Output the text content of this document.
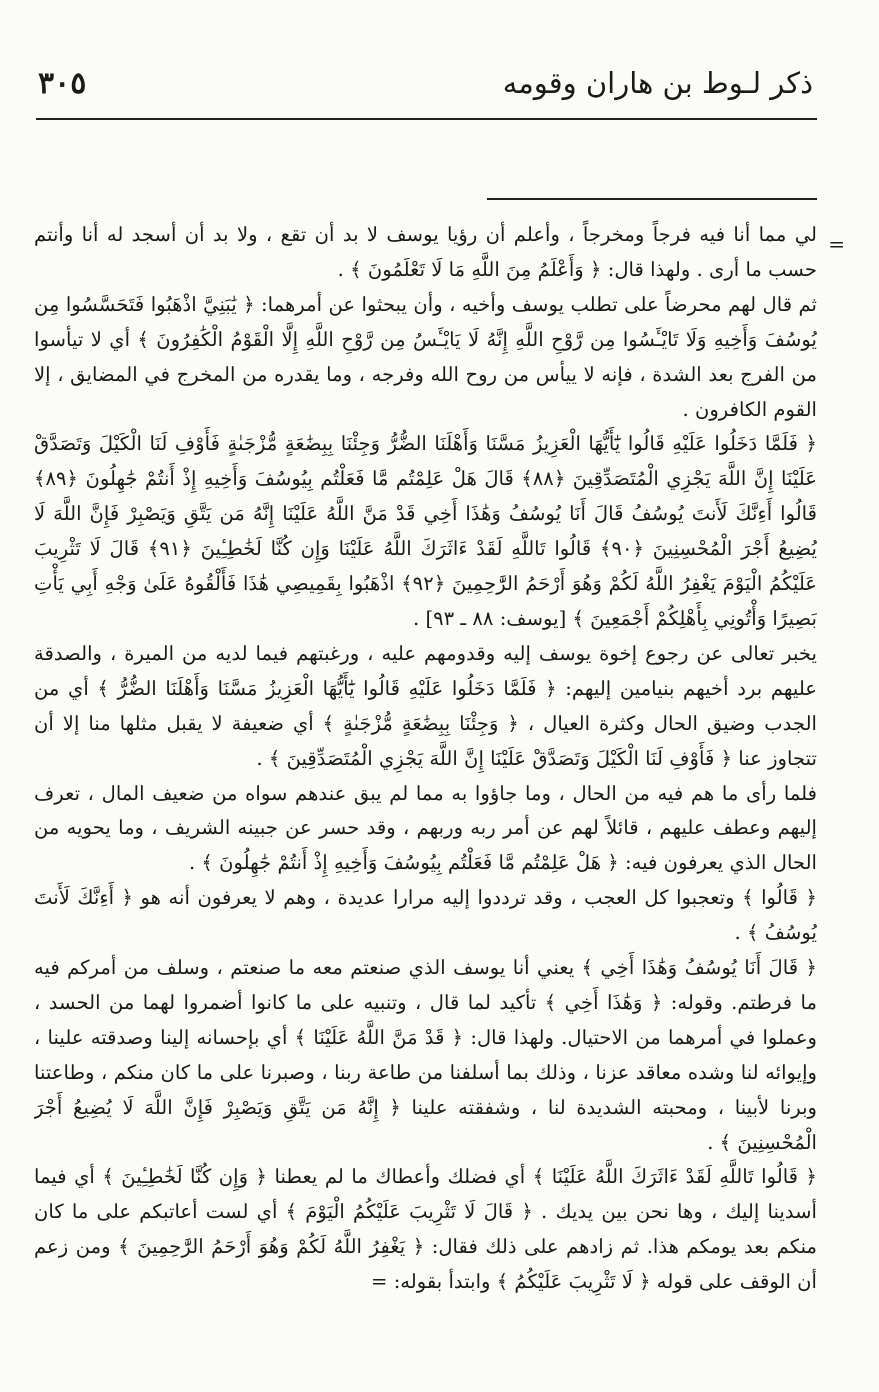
٣٠٥	ذكر لـوط بن هاران وقومه
=

لي مما أنا فيه فرجاً ومخرجاً ، وأعلم أن رؤيا يوسف لا بد أن تقع ، ولا بد أن أسجد له أنا وأنتم حسب ما أرى . ولهذا قال: ﴿ وَأَعْلَمُ مِنَ اللَّهِ مَا لَا تَعْلَمُونَ ﴾ .

ثم قال لهم محرضاً على تطلب يوسف وأخيه ، وأن يبحثوا عن أمرهما: ﴿ يَٰبَنِيَّ اذْهَبُوا فَتَحَسَّسُوا مِن يُوسُفَ وَأَخِيهِ وَلَا تَايْـَٔسُوا مِن رَّوْحِ اللَّهِ إِنَّهُ لَا يَايْـَٔسُ مِن رَّوْحِ اللَّهِ إِلَّا الْقَوْمُ الْكَٰفِرُونَ ﴾ أي لا تيأسوا من الفرج بعد الشدة ، فإنه لا ييأس من روح الله وفرجه ، وما يقدره من المخرج في المضايق ، إلا القوم الكافرون .

﴿ فَلَمَّا دَخَلُوا عَلَيْهِ قَالُوا يَٰٓأَيُّهَا الْعَزِيزُ مَسَّنَا وَأَهْلَنَا الضُّرُّ وَجِئْنَا بِبِضَٰعَةٍ مُّزْجَىٰةٍ فَأَوْفِ لَنَا الْكَيْلَ وَتَصَدَّقْ عَلَيْنَا إِنَّ اللَّهَ يَجْزِي الْمُتَصَدِّقِينَ ﴿٨٨﴾ قَالَ هَلْ عَلِمْتُم مَّا فَعَلْتُم بِيُوسُفَ وَأَخِيهِ إِذْ أَنتُمْ جَٰهِلُونَ ﴿٨٩﴾ قَالُوا أَءِنَّكَ لَأَنتَ يُوسُفُ قَالَ أَنَا يُوسُفُ وَهَٰذَا أَخِي قَدْ مَنَّ اللَّهُ عَلَيْنَا إِنَّهُ مَن يَتَّقِ وَيَصْبِرْ فَإِنَّ اللَّهَ لَا يُضِيعُ أَجْرَ الْمُحْسِنِينَ ﴿٩٠﴾ قَالُوا تَاللَّهِ لَقَدْ ءَاثَرَكَ اللَّهُ عَلَيْنَا وَإِن كُنَّا لَخَٰطِـِٔينَ ﴿٩١﴾ قَالَ لَا تَثْرِيبَ عَلَيْكُمُ الْيَوْمَ يَغْفِرُ اللَّهُ لَكُمْ وَهُوَ أَرْحَمُ الرَّٰحِمِينَ ﴿٩٢﴾ اذْهَبُوا بِقَمِيصِي هَٰذَا فَأَلْقُوهُ عَلَىٰ وَجْهِ أَبِي يَأْتِ بَصِيرًا وَأْتُونِي بِأَهْلِكُمْ أَجْمَعِينَ ﴾ [يوسف: ٨٨ ـ ٩٣] .

يخبر تعالى عن رجوع إخوة يوسف إليه وقدومهم عليه ، ورغبتهم فيما لديه من الميرة ، والصدقة عليهم برد أخيهم بنيامين إليهم: ﴿ فَلَمَّا دَخَلُوا عَلَيْهِ قَالُوا يَٰٓأَيُّهَا الْعَزِيزُ مَسَّنَا وَأَهْلَنَا الضُّرُّ ﴾ أي من الجدب وضيق الحال وكثرة العيال ، ﴿ وَجِئْنَا بِبِضَٰعَةٍ مُّزْجَىٰةٍ ﴾ أي ضعيفة لا يقبل مثلها منا إلا أن تتجاوز عنا ﴿ فَأَوْفِ لَنَا الْكَيْلَ وَتَصَدَّقْ عَلَيْنَا إِنَّ اللَّهَ يَجْزِي الْمُتَصَدِّقِينَ ﴾ .

فلما رأى ما هم فيه من الحال ، وما جاؤوا به مما لم يبق عندهم سواه من ضعيف المال ، تعرف إليهم وعطف عليهم ، قائلاً لهم عن أمر ربه وربهم ، وقد حسر عن جبينه الشريف ، وما يحويه من الحال الذي يعرفون فيه: ﴿ هَلْ عَلِمْتُم مَّا فَعَلْتُم بِيُوسُفَ وَأَخِيهِ إِذْ أَنتُمْ جَٰهِلُونَ ﴾ .

﴿ قَالُوا ﴾ وتعجبوا كل العجب ، وقد ترددوا إليه مرارا عديدة ، وهم لا يعرفون أنه هو ﴿ أَءِنَّكَ لَأَنتَ يُوسُفُ ﴾ .

﴿ قَالَ أَنَا يُوسُفُ وَهَٰذَا أَخِي ﴾ يعني أنا يوسف الذي صنعتم معه ما صنعتم ، وسلف من أمركم فيه ما فرطتم. وقوله: ﴿ وَهَٰذَا أَخِي ﴾ تأكيد لما قال ، وتنبيه على ما كانوا أضمروا لهما من الحسد ، وعملوا في أمرهما من الاحتيال. ولهذا قال: ﴿ قَدْ مَنَّ اللَّهُ عَلَيْنَا ﴾ أي بإحسانه إلينا وصدقته علينا ، وإيوائه لنا وشده معاقد عزنا ، وذلك بما أسلفنا من طاعة ربنا ، وصبرنا على ما كان منكم ، وطاعتنا وبرنا لأبينا ، ومحبته الشديدة لنا ، وشفقته علينا ﴿ إِنَّهُ مَن يَتَّقِ وَيَصْبِرْ فَإِنَّ اللَّهَ لَا يُضِيعُ أَجْرَ الْمُحْسِنِينَ ﴾ .

﴿ قَالُوا تَاللَّهِ لَقَدْ ءَاثَرَكَ اللَّهُ عَلَيْنَا ﴾ أي فضلك وأعطاك ما لم يعطنا ﴿ وَإِن كُنَّا لَخَٰطِـِٔينَ ﴾ أي فيما أسدينا إليك ، وها نحن بين يديك . ﴿ قَالَ لَا تَثْرِيبَ عَلَيْكُمُ الْيَوْمَ ﴾ أي لست أعاتبكم على ما كان منكم بعد يومكم هذا. ثم زادهم على ذلك فقال: ﴿ يَغْفِرُ اللَّهُ لَكُمْ وَهُوَ أَرْحَمُ الرَّٰحِمِينَ ﴾ ومن زعم أن الوقف على قوله ﴿ لَا تَثْرِيبَ عَلَيْكُمُ ﴾ وابتدأ بقوله: =
